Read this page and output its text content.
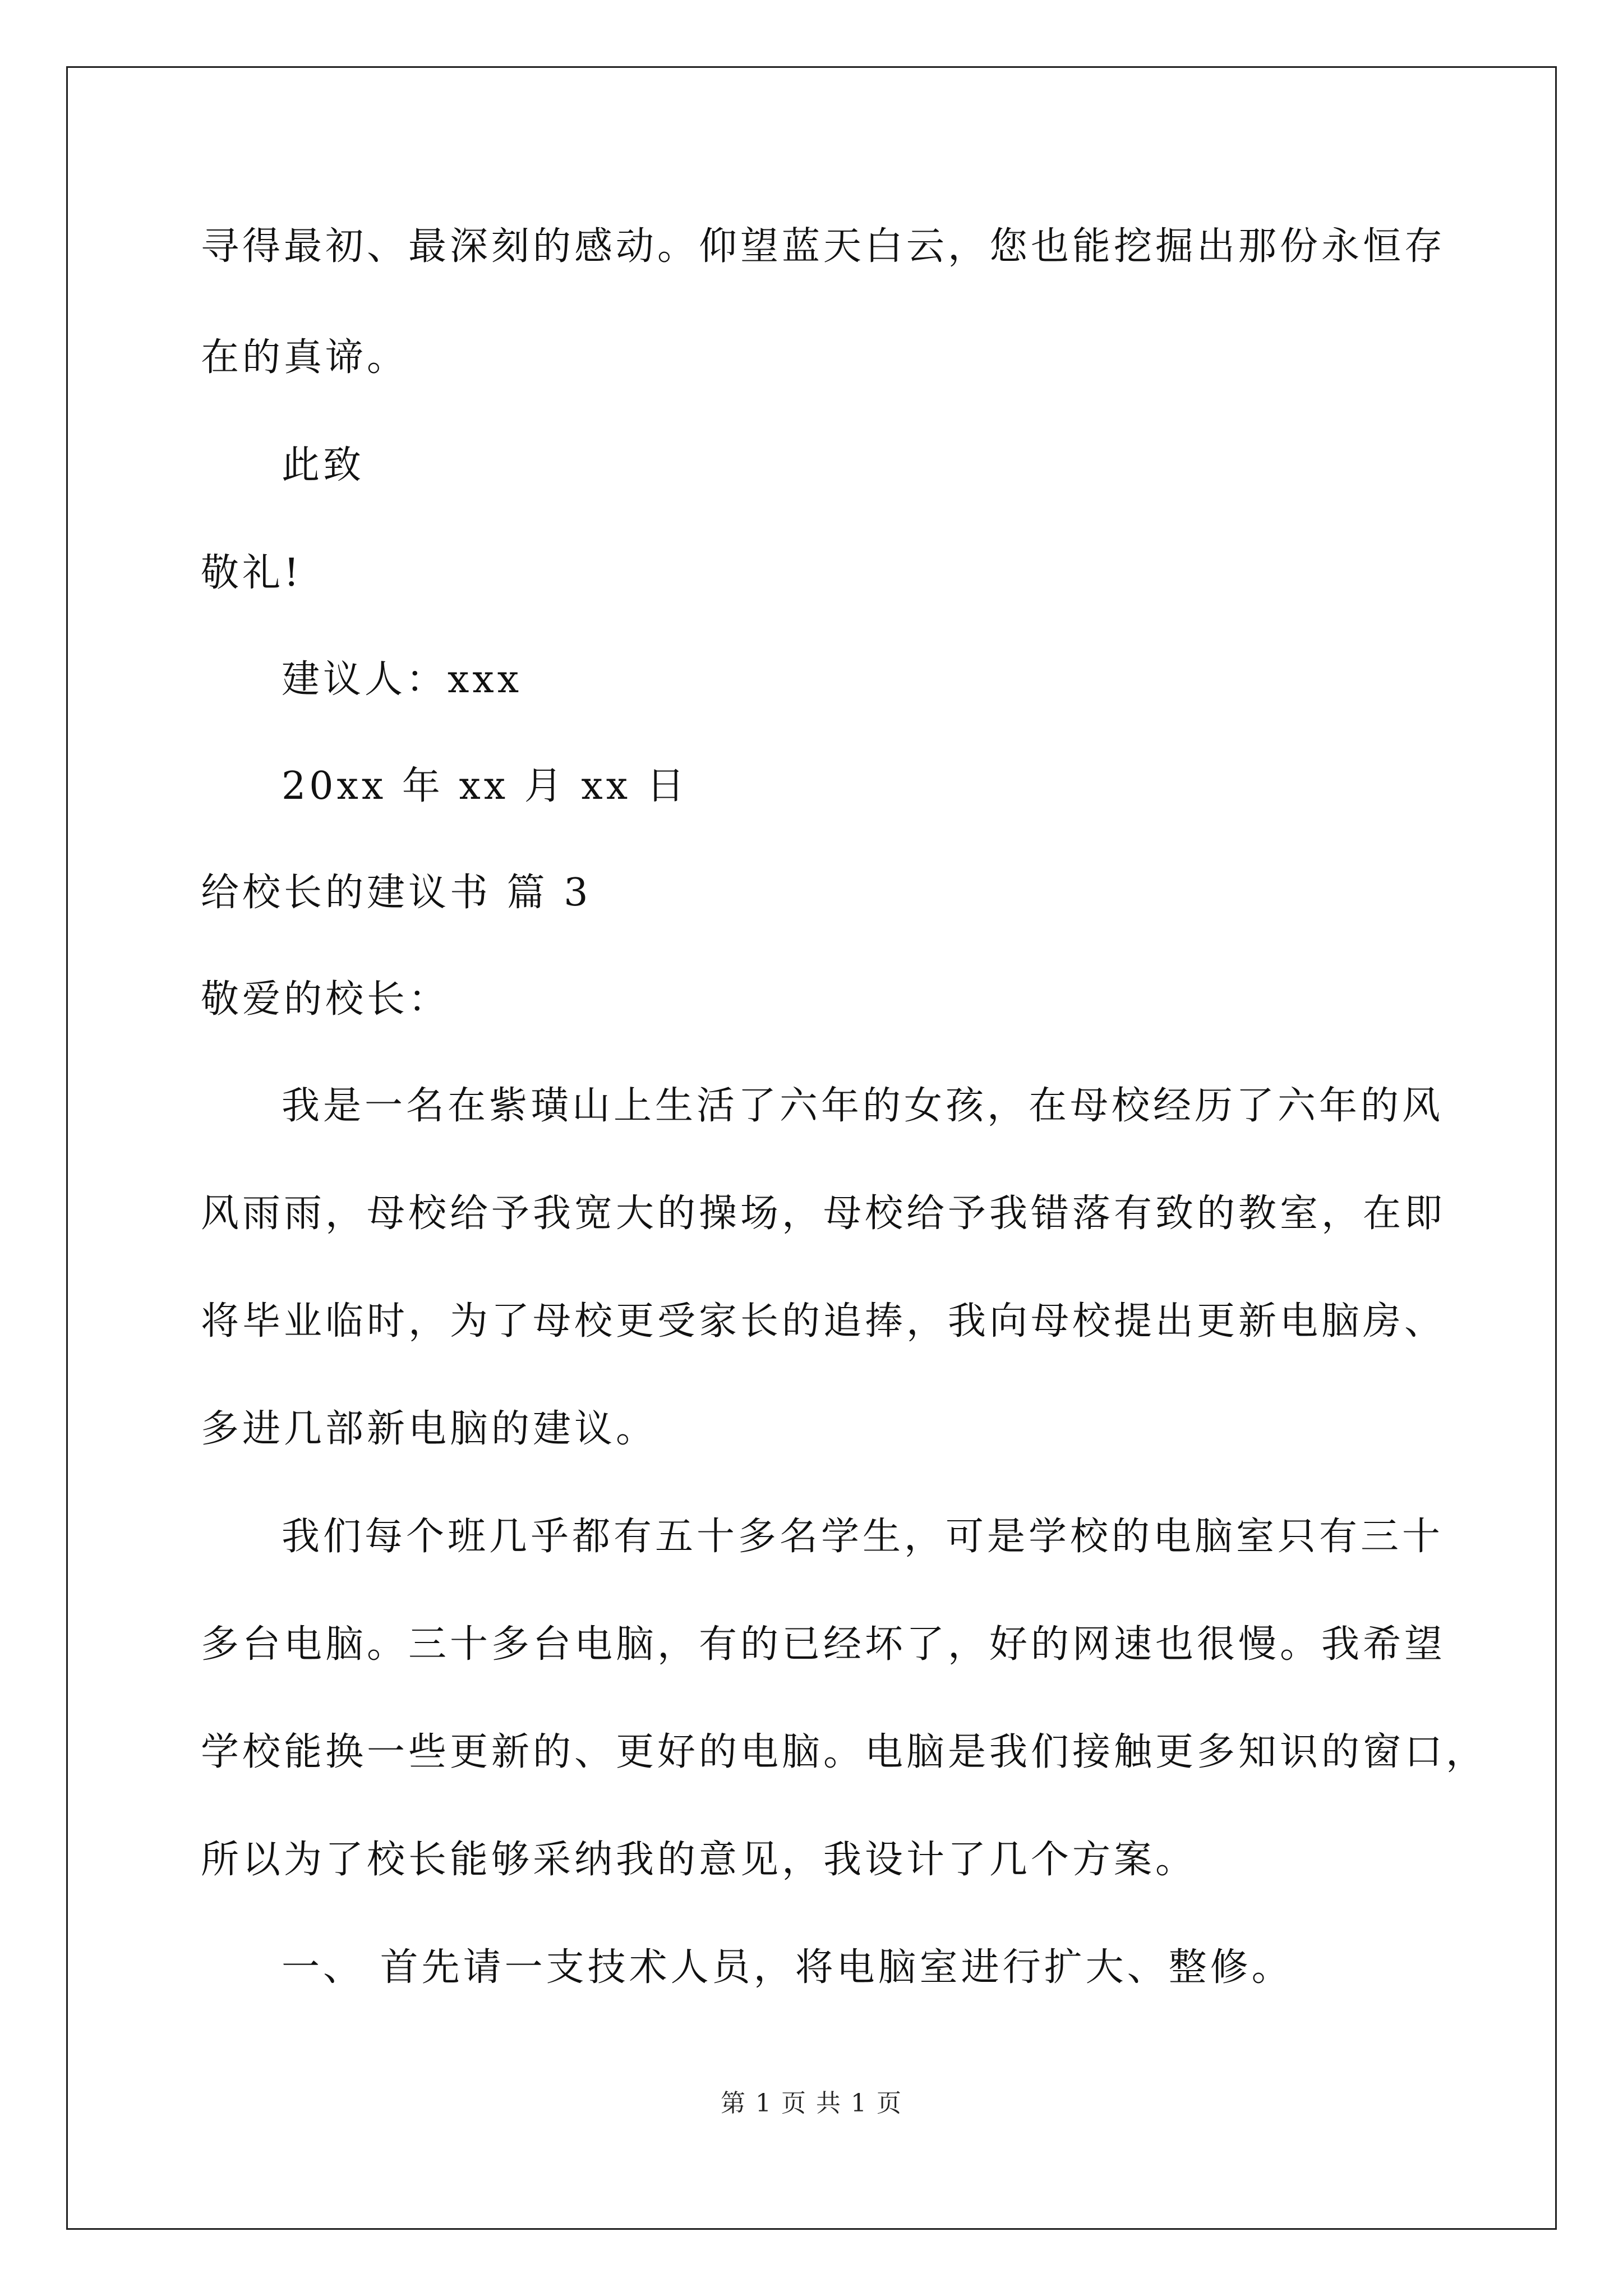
寻得最初、最深刻的感动。仰望蓝天白云，您也能挖掘出那份永恒存
在的真谛。
此致
敬礼!
建议人：xxx
20xx 年 xx 月 xx 日
给校长的建议书 篇 3
敬爱的校长：
我是一名在紫璜山上生活了六年的女孩，在母校经历了六年的风
风雨雨，母校给予我宽大的操场，母校给予我错落有致的教室，在即
将毕业临时，为了母校更受家长的追捧，我向母校提出更新电脑房、
多进几部新电脑的建议。
我们每个班几乎都有五十多名学生，可是学校的电脑室只有三十
多台电脑。三十多台电脑，有的已经坏了，好的网速也很慢。我希望
学校能换一些更新的、更好的电脑。电脑是我们接触更多知识的窗口，
所以为了校长能够采纳我的意见，我设计了几个方案。
一、 首先请一支技术人员，将电脑室进行扩大、整修。
第 1 页 共 1 页
